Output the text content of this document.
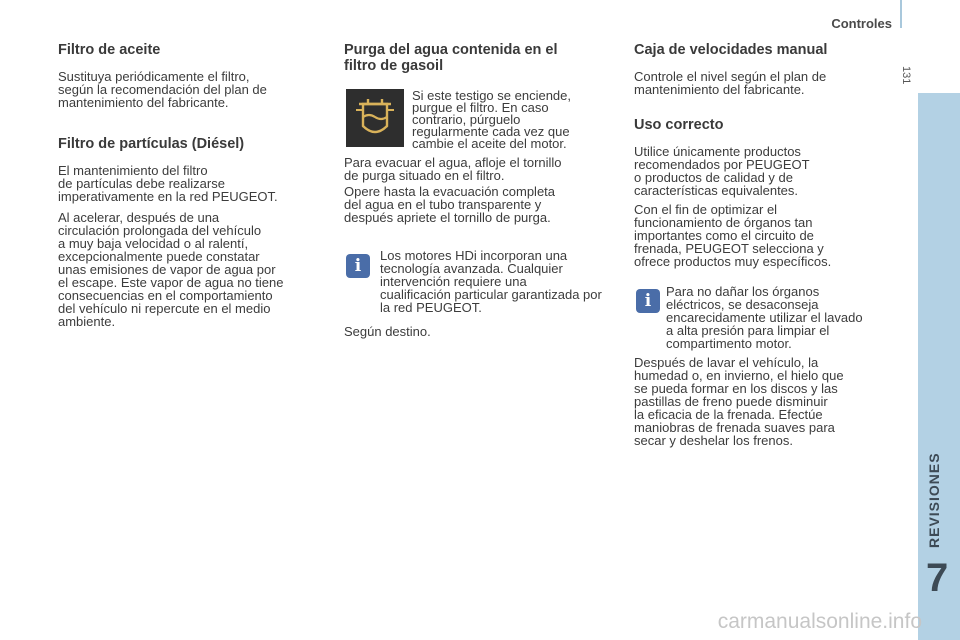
Controles
131
REVISIONES
7
Filtro de aceite

Sustituya periódicamente el filtro,
según la recomendación del plan de
mantenimiento del fabricante.

Filtro de partículas (Diésel)

El mantenimiento del filtro
de partículas debe realizarse
imperativamente en la red PEUGEOT.

Al acelerar, después de una
circulación prolongada del vehículo
a muy baja velocidad o al ralentí,
excepcionalmente puede constatar
unas emisiones de vapor de agua por
el escape. Este vapor de agua no tiene
consecuencias en el comportamiento
del vehículo ni repercute en el medio
ambiente.

Purga del agua contenida en el
filtro de gasoil

Si este testigo se enciende,
purgue el filtro. En caso
contrario, púrguelo
regularmente cada vez que
cambie el aceite del motor.

Para evacuar el agua, afloje el tornillo
de purga situado en el filtro.

Opere hasta la evacuación completa
del agua en el tubo transparente y
después apriete el tornillo de purga.

i

Los motores HDi incorporan una
tecnología avanzada. Cualquier
intervención requiere una
cualificación particular garantizada por
la red PEUGEOT.

Según destino.

Caja de velocidades manual

Controle el nivel según el plan de
mantenimiento del fabricante.

Uso correcto

Utilice únicamente productos
recomendados por PEUGEOT
o productos de calidad y de
características equivalentes.

Con el fin de optimizar el
funcionamiento de órganos tan
importantes como el circuito de
frenada, PEUGEOT selecciona y
ofrece productos muy específicos.

i	Para no dañar los órganos
eléctricos, se desaconseja
encarecidamente utilizar el lavado
a alta presión para limpiar el
compartimento motor.

Después de lavar el vehículo, la
humedad o, en invierno, el hielo que
se pueda formar en los discos y las
pastillas de freno puede disminuir
la eficacia de la frenada. Efectúe
maniobras de frenada suaves para
secar y deshelar los frenos.

carmanualsonline.info
